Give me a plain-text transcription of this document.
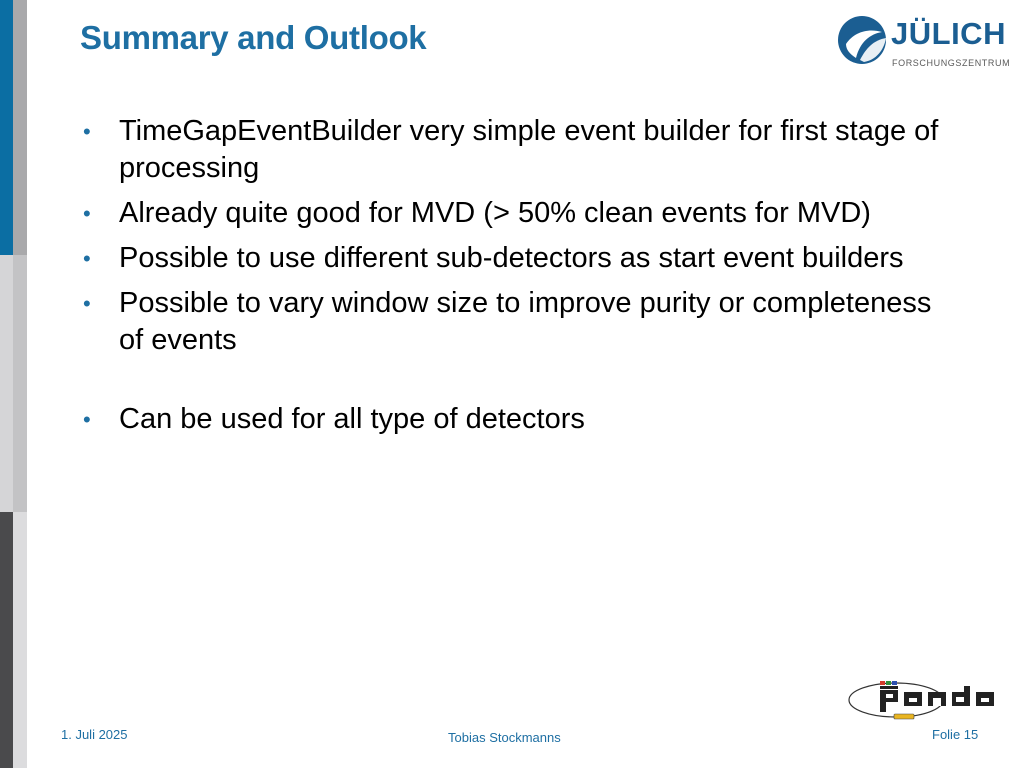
Summary and Outlook	JÜLICH
FORSCHUNGSZENTRUM
• TimeGapEventBuilder very simple event builder for first stage of processing
• Already quite good for MVD (> 50% clean events for MVD)
• Possible to use different sub-detectors as start event builders
• Possible to vary window size to improve purity or completeness of events
• Can be used for all type of detectors
1. Juli 2025	Tobias Stockmanns	Folie 15
